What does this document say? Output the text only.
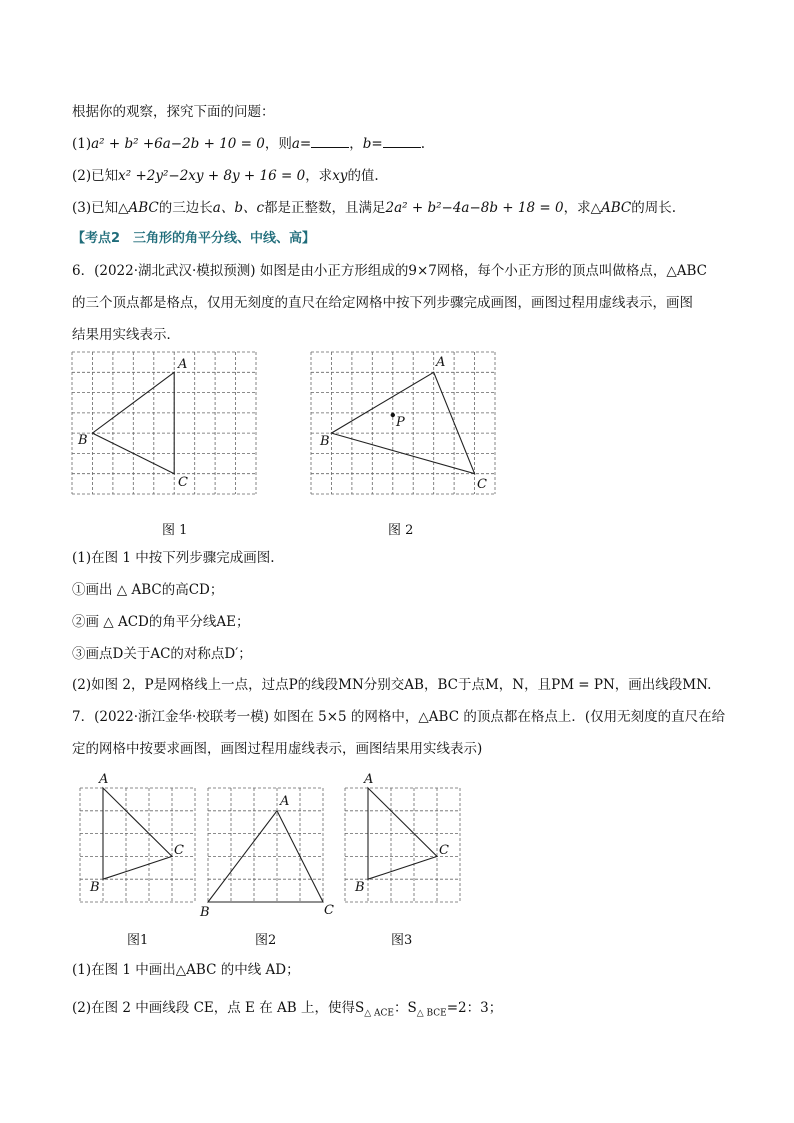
根据你的观察，探究下面的问题：
(1)a² + b² +6a−2b + 10 = 0，则a=	，b=	.
(2)已知x² +2y²−2xy + 8y + 16 = 0，求xy的值.
(3)已知△ABC的三边长a、b、c都是正整数，且满足2a² + b²−4a−8b + 18 = 0，求△ABC的周长.
【考点2　三角形的角平分线、中线、高】
6．(2022·湖北武汉·模拟预测) 如图是由小正方形组成的9×7网格，每个小正方形的顶点叫做格点，△ABC
的三个顶点都是格点，仅用无刻度的直尺在给定网格中按下列步骤完成画图，画图过程用虚线表示，画图
结果用实线表示．
A
B
C
图 1
A
B
C
P
图 2
(1)在图 1 中按下列步骤完成画图.
①画出 △ ABC的高CD；
②画 △ ACD的角平分线AE；
③画点D关于AC的对称点D′；
(2)如图 2，P是网格线上一点，过点P的线段MN分别交AB，BC于点M，N，且PM = PN，画出线段MN.
7．(2022·浙江金华·校联考一模) 如图在 5×5 的网格中，△ABC 的顶点都在格点上．(仅用无刻度的直尺在给
定的网格中按要求画图，画图过程用虚线表示，画图结果用实线表示)
A
B
C
图1
A
B	C
图2
A
B
C
图3
(1)在图 1 中画出△ABC 的中线 AD；
(2)在图 2 中画线段 CE，点 E 在 AB 上，使得$S_{\triangle ACE}$：$S_{\triangle BCE}=2$：3；
